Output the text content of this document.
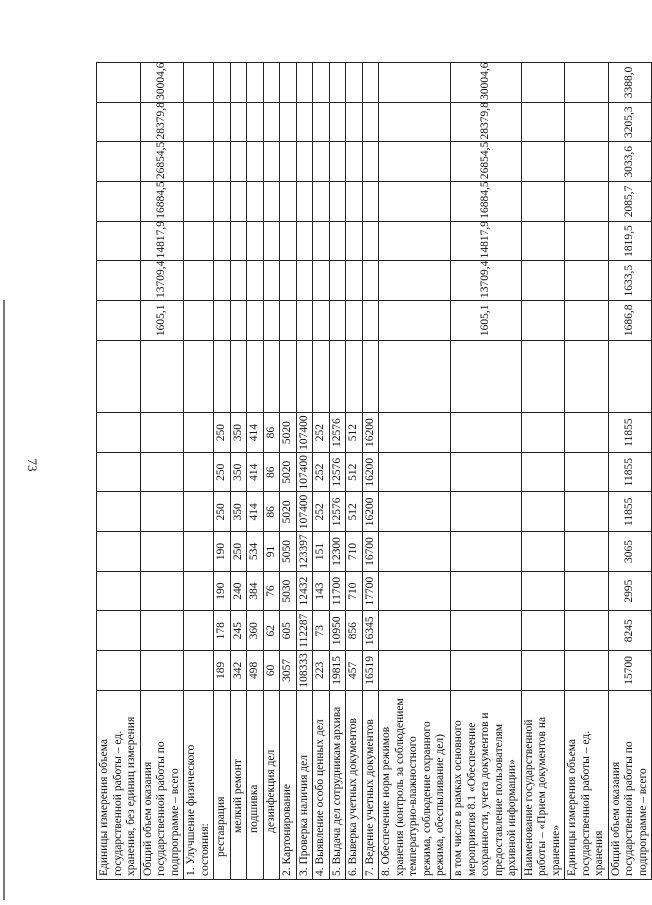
73
Единицы измерения объема государственной работы – ед. хранения, без единиц измерения															
Общий объем оказания государственной работы по подпрограмме – всего									1605,1	13709,4	14817,9	16884,5	26854,5	28379,8	30004,6
1. Улучшение физического состояния:															
реставрация	189	178	190	190	250	250	250								
мелкий ремонт	342	245	240	250	350	350	350								
подшивка	498	360	384	534	414	414	414								
дезинфекция дел	60	62	76	91	86	86	86								
2. Картонирование	3057	605	5030	5050	5020	5020	5020								
3. Проверка наличия дел	108333	112287	12432	123397	107400	107400	107400								
4. Выявление особо ценных дел	223	73	143	151	252	252	252								
5. Выдача дел сотрудникам архива	19815	10950	11700	12300	12576	12576	12576								
6. Выверка учетных документов	457	856	710	710	512	512	512								
7. Ведение учетных документов	16519	16345	17700	16700	16200	16200	16200								
8. Обеспечение норм режимов хранения (контроль за соблюдением температурно-влажностного режима, соблюдение охранного режима, обеспыливание дел)															
в том числе в рамках основного мероприятия 8.1 «Обеспечение сохранности, учета документов и предоставление пользователям архивной информации»									1605,1	13709,4	14817,9	16884,5	26854,5	28379,8	30004,6
Наименование государственной работы – «Прием документов на хранение»															
Единицы измерения объема государственной работы – ед. хранения															
Общий объем оказания государственной работы по подпрограмме – всего	15700	8245	2995	3065	11855	11855	11855		1686,8	1633,5	1819,5	2085,7	3033,6	3205,3	3388,0
